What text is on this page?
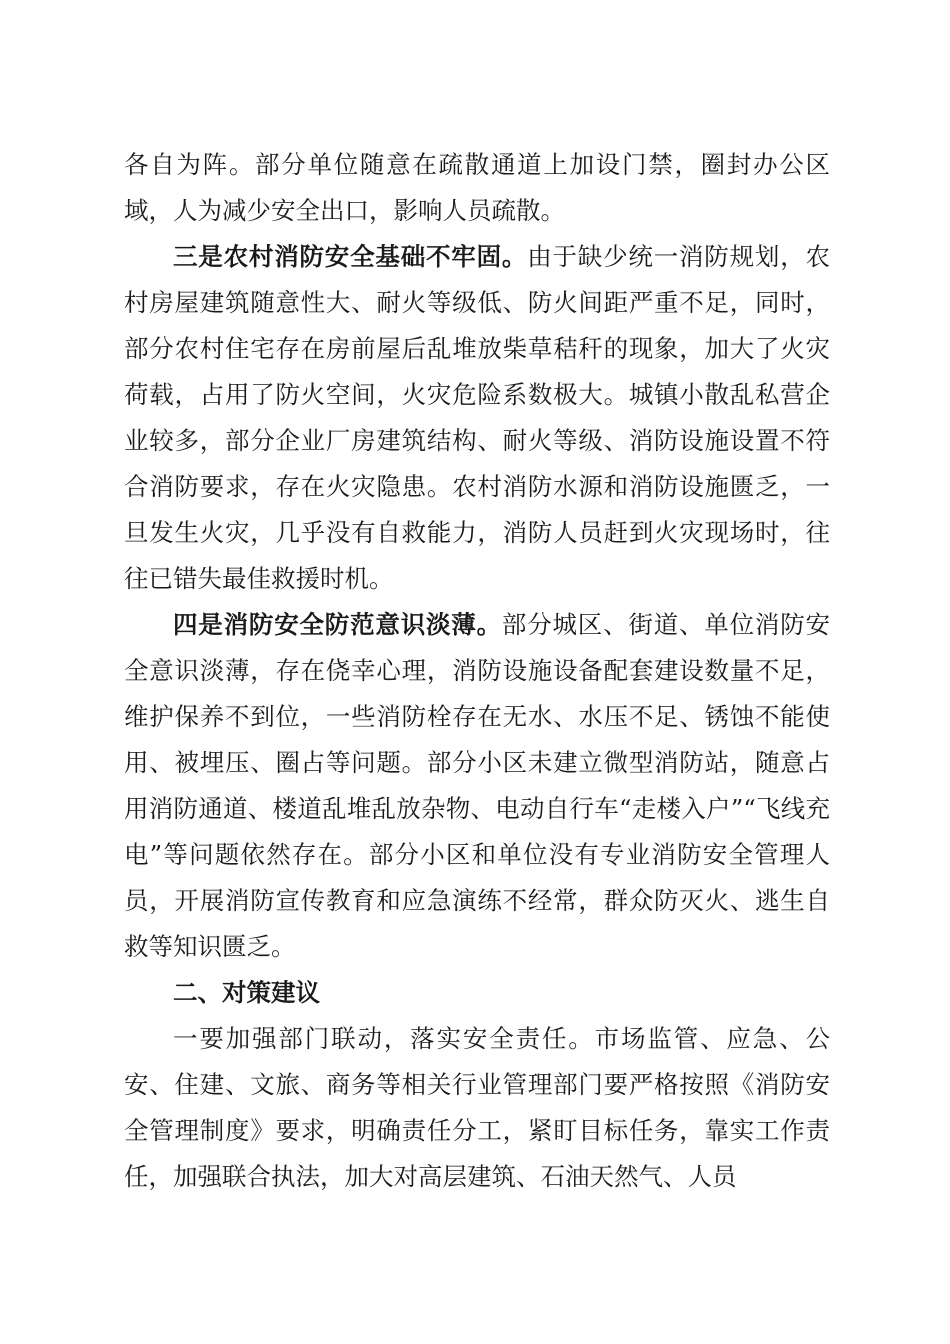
各自为阵。部分单位随意在疏散通道上加设门禁，圈封办公区域，人为减少安全出口，影响人员疏散。

三是农村消防安全基础不牢固。由于缺少统一消防规划，农村房屋建筑随意性大、耐火等级低、防火间距严重不足，同时，部分农村住宅存在房前屋后乱堆放柴草秸秆的现象，加大了火灾荷载，占用了防火空间，火灾危险系数极大。城镇小散乱私营企业较多，部分企业厂房建筑结构、耐火等级、消防设施设置不符合消防要求，存在火灾隐患。农村消防水源和消防设施匮乏，一旦发生火灾，几乎没有自救能力，消防人员赶到火灾现场时，往往已错失最佳救援时机。

四是消防安全防范意识淡薄。部分城区、街道、单位消防安全意识淡薄，存在侥幸心理，消防设施设备配套建设数量不足，维护保养不到位，一些消防栓存在无水、水压不足、锈蚀不能使用、被埋压、圈占等问题。部分小区未建立微型消防站，随意占用消防通道、楼道乱堆乱放杂物、电动自行车“走楼入户”“飞线充电”等问题依然存在。部分小区和单位没有专业消防安全管理人员，开展消防宣传教育和应急演练不经常，群众防灭火、逃生自救等知识匮乏。

二、对策建议

一要加强部门联动，落实安全责任。市场监管、应急、公安、住建、文旅、商务等相关行业管理部门要严格按照《消防安全管理制度》要求，明确责任分工，紧盯目标任务，靠实工作责任，加强联合执法，加大对高层建筑、石油天然气、人员
